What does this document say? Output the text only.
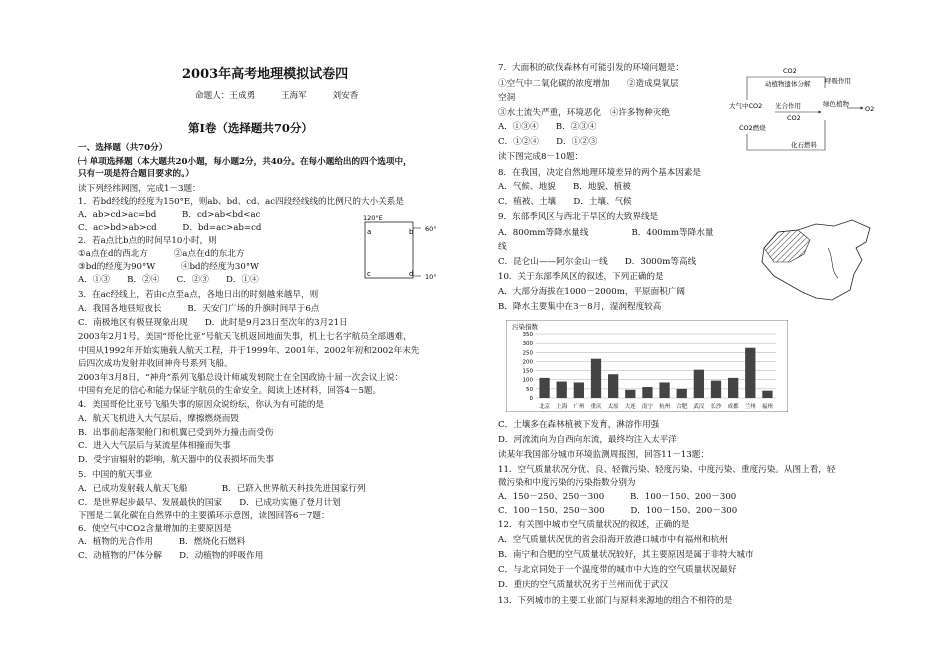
一、选择题（共70分）
㈠ 单项选择题（本大题共20小题，每小题2分，共40分。在每小题给出的四个选项中，
只有一项是符合题目要求的。）
读下列经纬网图，完成1－3题：
1．若bd经线的经度为150°E，则ab、bd、cd、ac四段经线线的比例尺的大小关系是
A．ab>cd>ac=bd　　　B．cd>ab<bd<ac
C．ac>bd>ab>cd　　　D．bd=ac>ab=cd
2．若a点比b点的时间早10小时，则
①a点在d的西北方　　　②a点在d的东北方
③bd的经度为90°W　　　④bd的经度为30°W
A．①③　　B．②④　　C．②③　　D．①④
3．在ac经线上，若由c点至a点，各地日出的时刻越来越早，则
A．我国各地昼短夜长　　　B．天安门广场的升旗时间早于6点
C．南极地区有极昼现象出现　　D．此时是9月23日至次年的3月21日
2003年2月1号，美国“哥伦比亚”号航天飞机返回地面失事，机上七名宇航员全部遇难，
中国从1992年开始实施载人航天工程，并于1999年、2001年、2002年初和2002年末先
后四次成功发射并收回神舟号系列飞船。
2003年3月8日，“神舟”系列飞船总设计师戚发轫院士在全国政协十届一次会议上说：
中国有充足的信心和能力保证宇航员的生命安全。阅读上述材料，回答4－5题。
4．美国哥伦比亚号飞船失事的原因众说纷纭，你认为有可能的是
A．航天飞机进入大气层后，摩擦燃烧而毁
B．出事前起落架舱门和机翼已受到外力撞击而受伤
C．进入大气层后与某流星体相撞而失事
D．受宇宙辐射的影响，航天器中的仪表损坏而失事
5．中国的航天事业
A．已成功发射载人航天飞船　　　　B．已跻入世界航天科技先进国家行列
C．是世界起步最早、发展最快的国家　　D．已成功实施了登月计划
下图是二氧化碳在自然界中的主要循环示意图，读图回答6－7题：
6．使空气中CO2含量增加的主要原因是
A．植物的光合作用　　　B．燃烧化石燃料
C．动植物的尸体分解　　D．动植物的呼吸作用
7．大面积的砍伐森林有可能引发的环境问题是：
①空气中二氧化碳的浓度增加　　②造成臭氧层
空洞
③水土流失严重，环境恶化　④许多物种灭绝
A．①③④　　B．②③④
C．①②④　　D．①②③
读下图完成8－10题：
8．在我国，决定自然地理环境差异的两个基本因素是
A．气候、地貌　　B．地貌、植被
C．植被、土壤　　D．土壤、气候
9．东部季风区与西北干旱区的大致界线是
A．800mm等降水量线　　　　　B．400mm等降水量
线
C．昆仑山——阿尔金山一线　　D．3000m等高线
10．关于东部季风区的叙述，下列正确的是
A．大部分海拔在1000－2000m，平原面积广阔
B．降水主要集中在3－8月，湿润程度较高
C．土壤多在森林植被下发育，淋溶作用强
D．河流流向为自西向东流，最终均注入太平洋
读某年我国部分城市环境监测周报图，回答11－13题：
11．空气质量状况分优、良、轻微污染、轻度污染、中度污染、重度污染。从图上看，轻
微污染和中度污染的污染指数分别为
A．150－250、250－300　　　B．100－150、200－300
C．100－150、250－300　　　D．100－150、200－300
12．有关图中城市空气质量状况的叙述，正确的是
A．空气质量状况优的省会沿海开放港口城市中有福州和杭州
B．南宁和合肥的空气质量状况较好，其主要原因是属于非特大城市
C．与北京同处于一个温度带的城市中大连的空气质量状况最好
D．重庆的空气质量状况劣于兰州而优于武汉
13．下列城市的主要工业部门与原料来源地的组合不相符的是
2003年高考地理模拟试卷四
命题人：王成勇　　　王海军　　　刘安香
第Ⅰ卷（选择题共70分）
120°E
60°
10°
a	b
c	d
CO2
动植物遗体分解 呼吸作用
大气中CO2 光合作用
CO2
绿色植物
O2
CO2燃烧
化石燃料
污染指数
350
300
250
200
150
100
50
0
北京 上海 广州 重庆 太原 大连 南宁 杭州 合肥 武汉 长沙 成都 兰州 福州
